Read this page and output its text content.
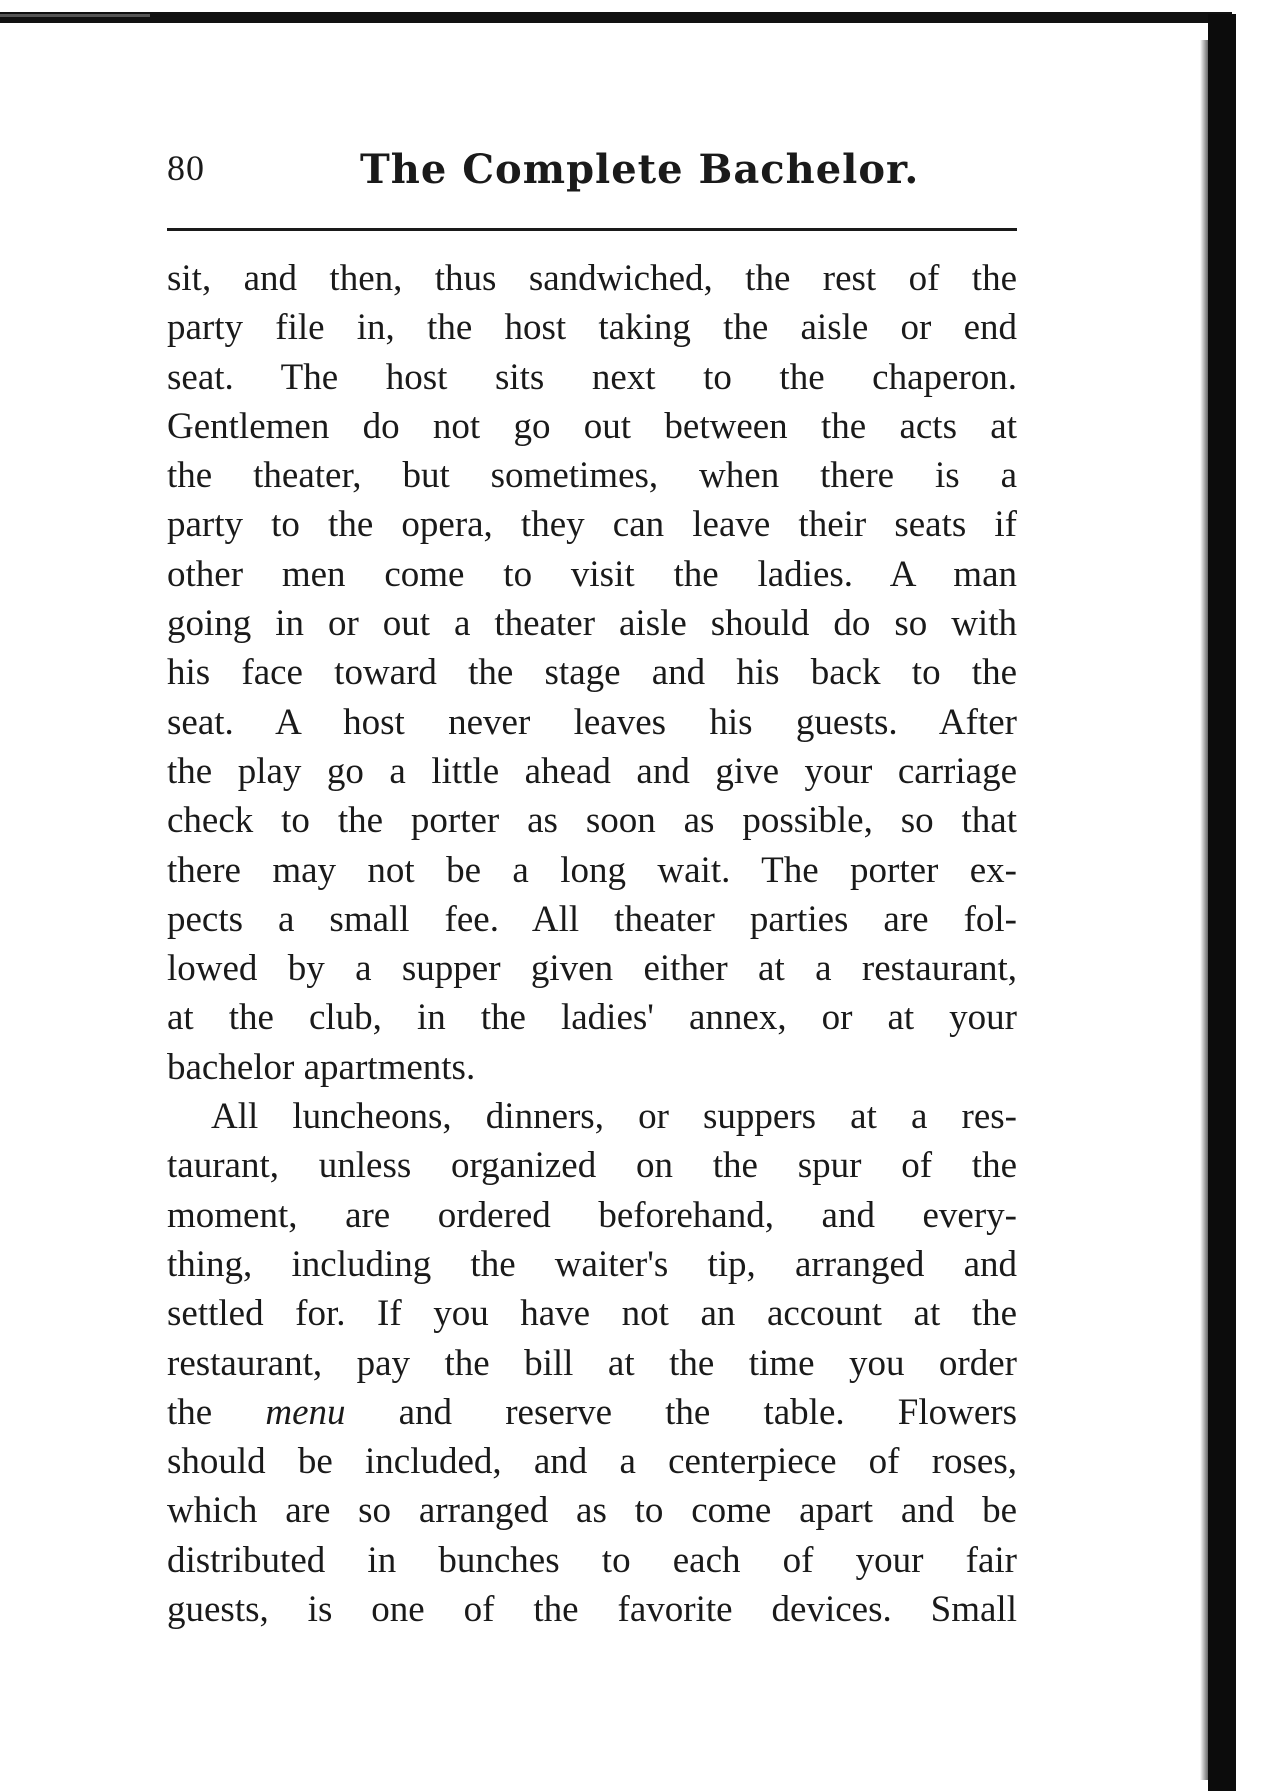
80	The Complete Bachelor.
sit, and then, thus sandwiched, the rest of the
party file in, the host taking the aisle or end
seat. The host sits next to the chaperon.
Gentlemen do not go out between the acts at
the theater, but sometimes, when there is a
party to the opera, they can leave their seats if
other men come to visit the ladies. A man
going in or out a theater aisle should do so with
his face toward the stage and his back to the
seat. A host never leaves his guests. After
the play go a little ahead and give your carriage
check to the porter as soon as possible, so that
there may not be a long wait. The porter ex-
pects a small fee. All theater parties are fol-
lowed by a supper given either at a restaurant,
at the club, in the ladies' annex, or at your
bachelor apartments.
All luncheons, dinners, or suppers at a res-
taurant, unless organized on the spur of the
moment, are ordered beforehand, and every-
thing, including the waiter's tip, arranged and
settled for. If you have not an account at the
restaurant, pay the bill at the time you order
the menu and reserve the table. Flowers
should be included, and a centerpiece of roses,
which are so arranged as to come apart and be
distributed in bunches to each of your fair
guests, is one of the favorite devices. Small
